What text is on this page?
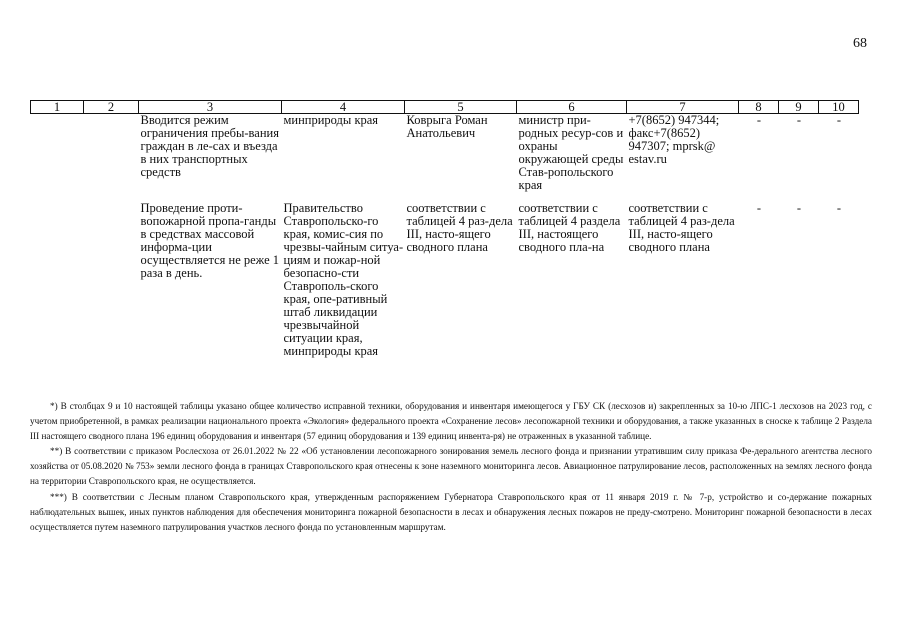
68
1	2	3	4	5	6	7	8	9	10
		Вводится режим ограничения пребы-вания граждан в ле-сах и въезда в них транспортных средств	минприроды края	Коврыга Роман Анатольевич	министр при-родных ресур-сов и охраны окружающей среды Став-ропольского края	+7(8652) 947344; факс+7(8652) 947307; mprsk@ estav.ru	-	-	-
		Проведение проти-вопожарной пропа-ганды в средствах массовой информа-ции осуществляется не реже 1 раза в день.	Правительство Ставропольско-го края, комис-сия по чрезвы-чайным ситуа-циям и пожар-ной безопасно-сти Ставрополь-ского края, опе-ративный штаб ликвидации чрезвычайной ситуации края, минприроды края	соответствии с таблицей 4 раз-дела III, насто-ящего сводного плана	соответствии с таблицей 4 раздела III, настоящего сводного пла-на	соответствии с таблицей 4 раз-дела III, насто-ящего сводного плана	-	-	-

*) В столбцах 9 и 10 настоящей таблицы указано общее количество исправной техники, оборудования и инвентаря имеющегося у ГБУ СК (лесхозов и) закрепленных за 10-ю ЛПС-1 лесхозов на 2023 год, с учетом приобретенной, в рамках реализации национального проекта «Экология» федерального проекта «Сохранение лесов» лесопожарной техники и оборудования, а также указанных в сноске к таблице 2 Раздела III настоящего сводного плана 196 единиц оборудования и инвентаря (57 единиц оборудования и 139 единиц инвента-ря) не отраженных в указанной таблице.

**) В соответствии с приказом Рослесхоза от 26.01.2022 № 22 «Об установлении лесопожарного зонирования земель лесного фонда и признании утратившим силу приказа Фе-дерального агентства лесного хозяйства от 05.08.2020 № 753» земли лесного фонда в границах Ставропольского края отнесены к зоне наземного мониторинга лесов. Авиационное патрулирование лесов, расположенных на землях лесного фонда на территории Ставропольского края, не осуществляется.

***) В соответствии с Лесным планом Ставропольского края, утвержденным распоряжением Губернатора Ставропольского края от 11 января 2019 г. № 7-р, устройство и со-держание пожарных наблюдательных вышек, иных пунктов наблюдения для обеспечения мониторинга пожарной безопасности в лесах и обнаружения лесных пожаров не преду-смотрено. Мониторинг пожарной безопасности в лесах осуществляется путем наземного патрулирования участков лесного фонда по установленным маршрутам.
